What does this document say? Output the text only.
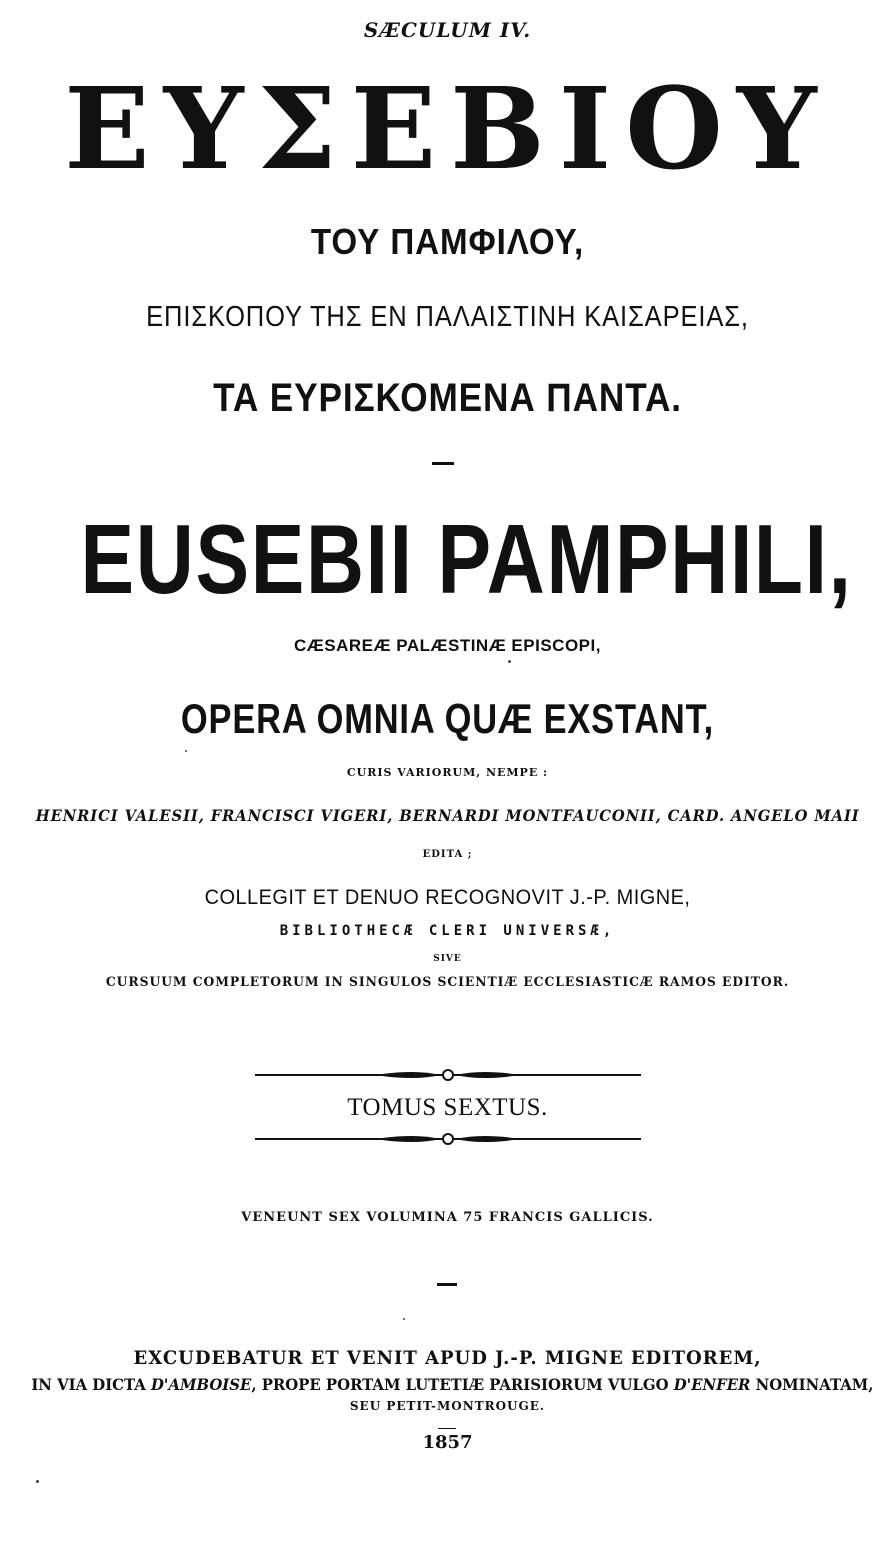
SÆCULUM IV.
ΕΥΣΕΒΙΟΥ
ΤΟΥ ΠΑΜΦΙΛΟΥ,
ΕΠΙΣΚΟΠΟΥ ΤΗΣ ΕΝ ΠΑΛΑΙΣΤΙΝΗ ΚΑΙΣΑΡΕΙΑΣ,
ΤΑ ΕΥΡΙΣΚΟΜΕΝΑ ΠΑΝΤΑ.
EUSEBII PAMPHILI,
CÆSAREÆ PALÆSTINÆ EPISCOPI,
OPERA OMNIA QUÆ EXSTANT,
CURIS VARIORUM, NEMPE :
HENRICI VALESII, FRANCISCI VIGERI, BERNARDI MONTFAUCONII, CARD. ANGELO MAII
EDITA ;
COLLEGIT ET DENUO RECOGNOVIT J.-P. MIGNE,
BIBLIOTHECÆ CLERI UNIVERSÆ,
SIVE
CURSUUM COMPLETORUM IN SINGULOS SCIENTIÆ ECCLESIASTICÆ RAMOS EDITOR.
TOMUS SEXTUS.
VENEUNT SEX VOLUMINA 75 FRANCIS GALLICIS.
EXCUDEBATUR ET VENIT APUD J.-P. MIGNE EDITOREM,
IN VIA DICTA D'AMBOISE, PROPE PORTAM LUTETIÆ PARISIORUM VULGO D'ENFER NOMINATAM,
SEU PETIT-MONTROUGE.
1857
